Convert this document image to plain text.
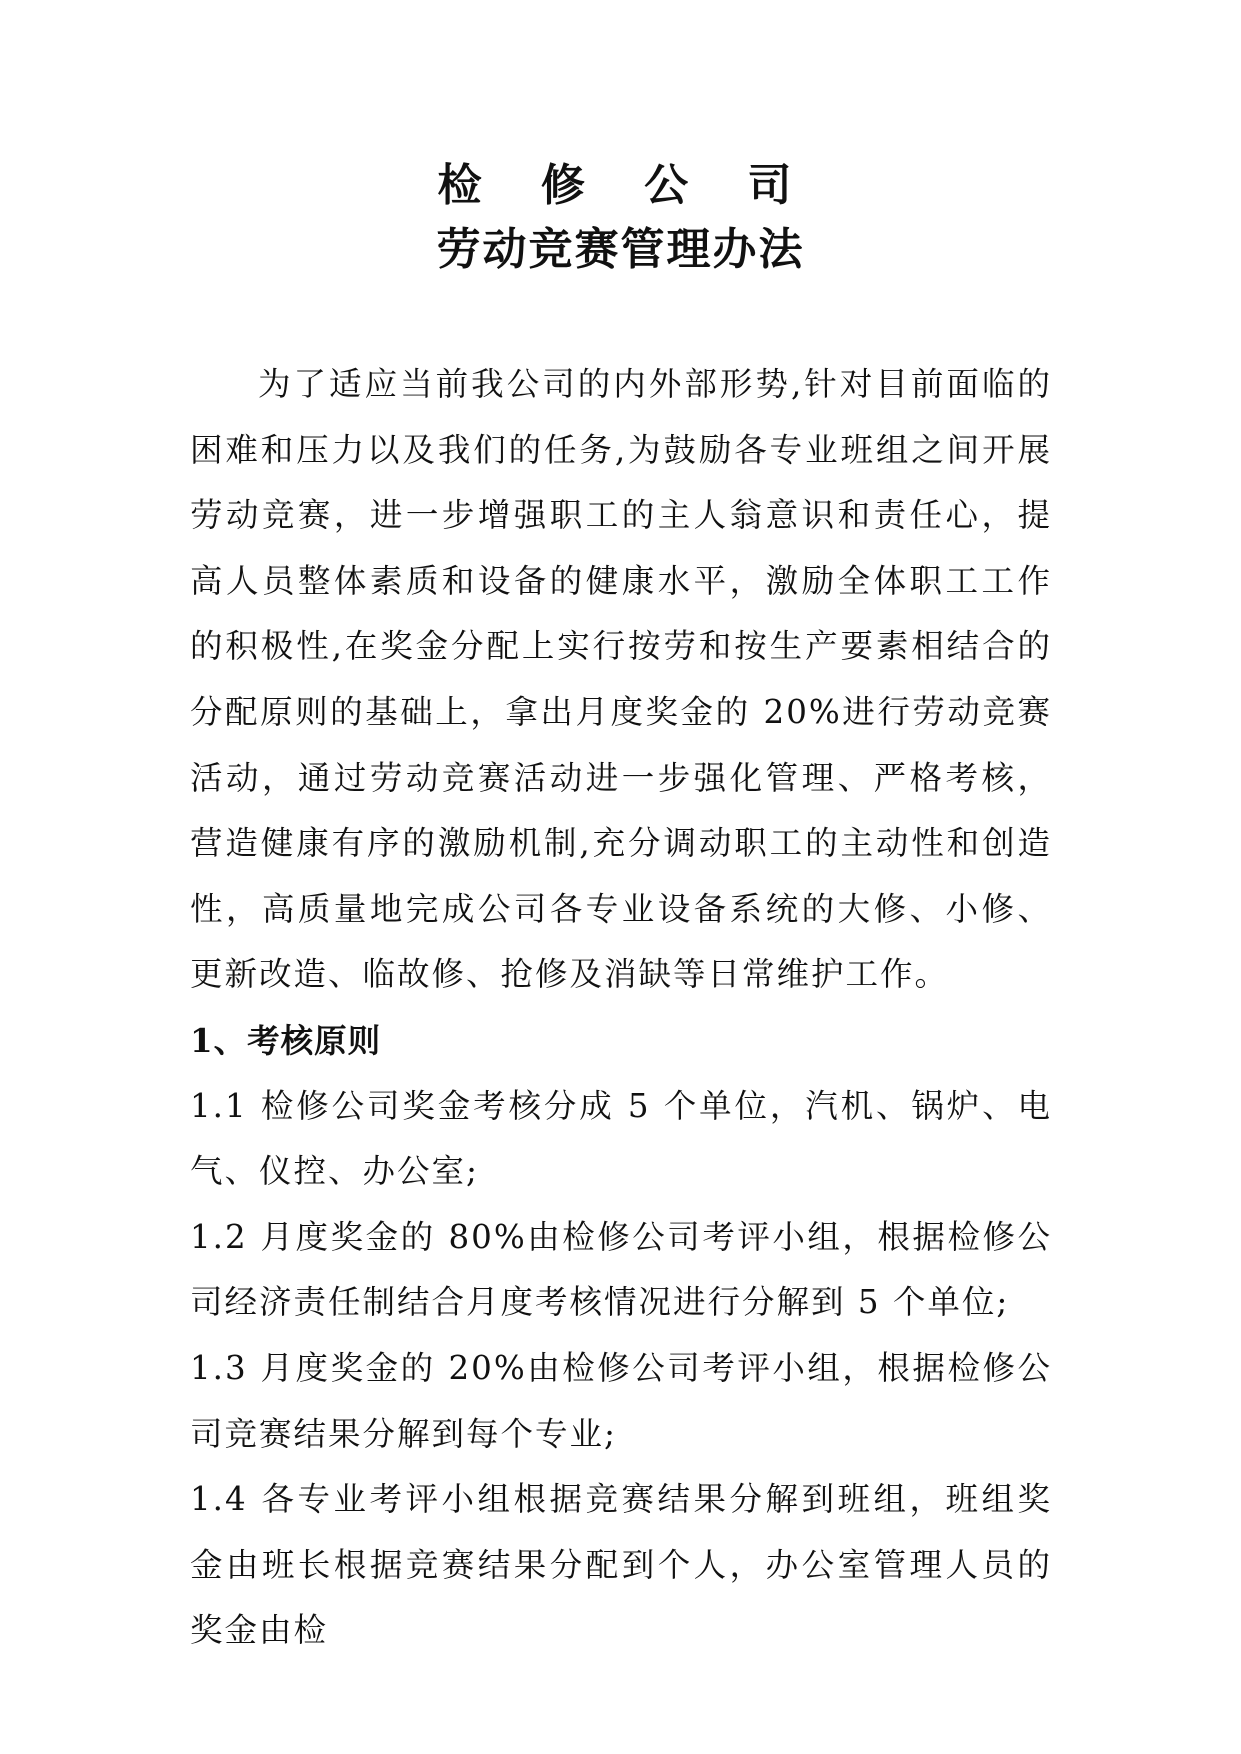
检 修 公 司
劳动竞赛管理办法

为了适应当前我公司的内外部形势,针对目前面临的困难和压力以及我们的任务,为鼓励各专业班组之间开展劳动竞赛，进一步增强职工的主人翁意识和责任心，提高人员整体素质和设备的健康水平，激励全体职工工作的积极性,在奖金分配上实行按劳和按生产要素相结合的分配原则的基础上，拿出月度奖金的 20%进行劳动竞赛活动，通过劳动竞赛活动进一步强化管理、严格考核，营造健康有序的激励机制,充分调动职工的主动性和创造性，高质量地完成公司各专业设备系统的大修、小修、更新改造、临故修、抢修及消缺等日常维护工作。

1、考核原则

1.1 检修公司奖金考核分成 5 个单位，汽机、锅炉、电气、仪控、办公室;

1.2 月度奖金的 80%由检修公司考评小组，根据检修公司经济责任制结合月度考核情况进行分解到 5 个单位;

1.3 月度奖金的 20%由检修公司考评小组，根据检修公司竞赛结果分解到每个专业;

1.4 各专业考评小组根据竞赛结果分解到班组，班组奖金由班长根据竞赛结果分配到个人，办公室管理人员的奖金由检
